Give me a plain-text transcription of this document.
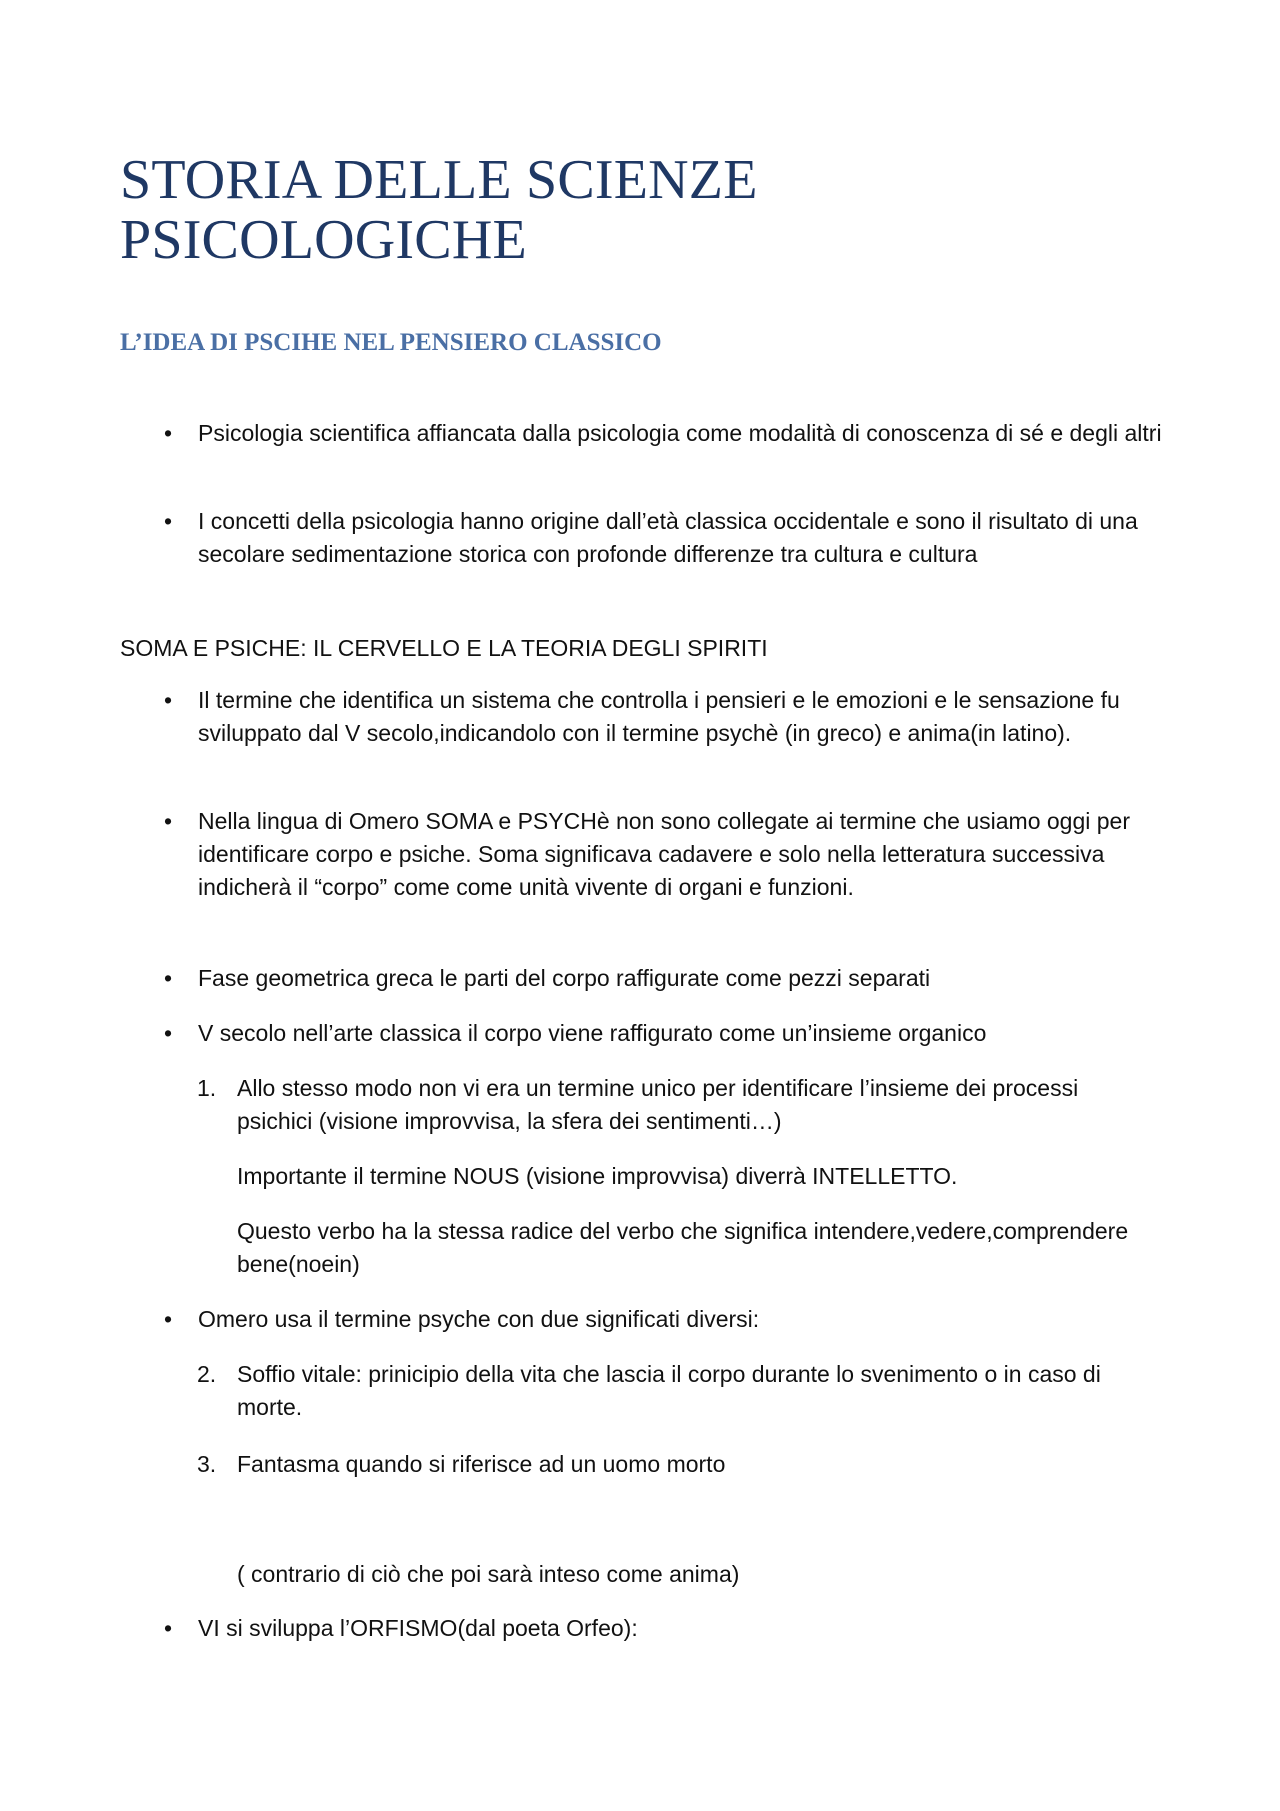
STORIA DELLE SCIENZE
PSICOLOGICHE
L’IDEA DI PSCIHE NEL PENSIERO CLASSICO
• Psicologia scientifica affiancata dalla psicologia come modalità di conoscenza di sé e degli altri
• I concetti della psicologia hanno origine dall’età classica occidentale e sono il risultato di una secolare sedimentazione storica con profonde differenze tra cultura e cultura
SOMA E PSICHE: IL CERVELLO E LA TEORIA DEGLI SPIRITI
• Il termine che identifica un sistema che controlla i pensieri e le emozioni e le sensazione fu sviluppato dal V secolo,indicandolo con il termine psychè (in greco) e anima(in latino).
• Nella lingua di Omero SOMA e PSYCHè non sono collegate ai termine che usiamo oggi per identificare corpo e psiche. Soma significava cadavere e solo nella letteratura successiva indicherà il “corpo” come come unità vivente di organi e funzioni.
• Fase geometrica greca le parti del corpo raffigurate come pezzi separati
• V secolo nell’arte classica il corpo viene raffigurato come un’insieme organico
1. Allo stesso modo non vi era un termine unico per identificare l’insieme dei processi psichici (visione improvvisa, la sfera dei sentimenti…)
Importante il termine NOUS (visione improvvisa) diverrà INTELLETTO.
Questo verbo ha la stessa radice del verbo che significa intendere,vedere,comprendere bene(noein)
• Omero usa il termine psyche con due significati diversi:
2. Soffio vitale: prinicipio della vita che lascia il corpo durante lo svenimento o in caso di morte.
3. Fantasma quando si riferisce ad un uomo morto
( contrario di ciò che poi sarà inteso come anima)
• VI si sviluppa l’ORFISMO(dal poeta Orfeo):
